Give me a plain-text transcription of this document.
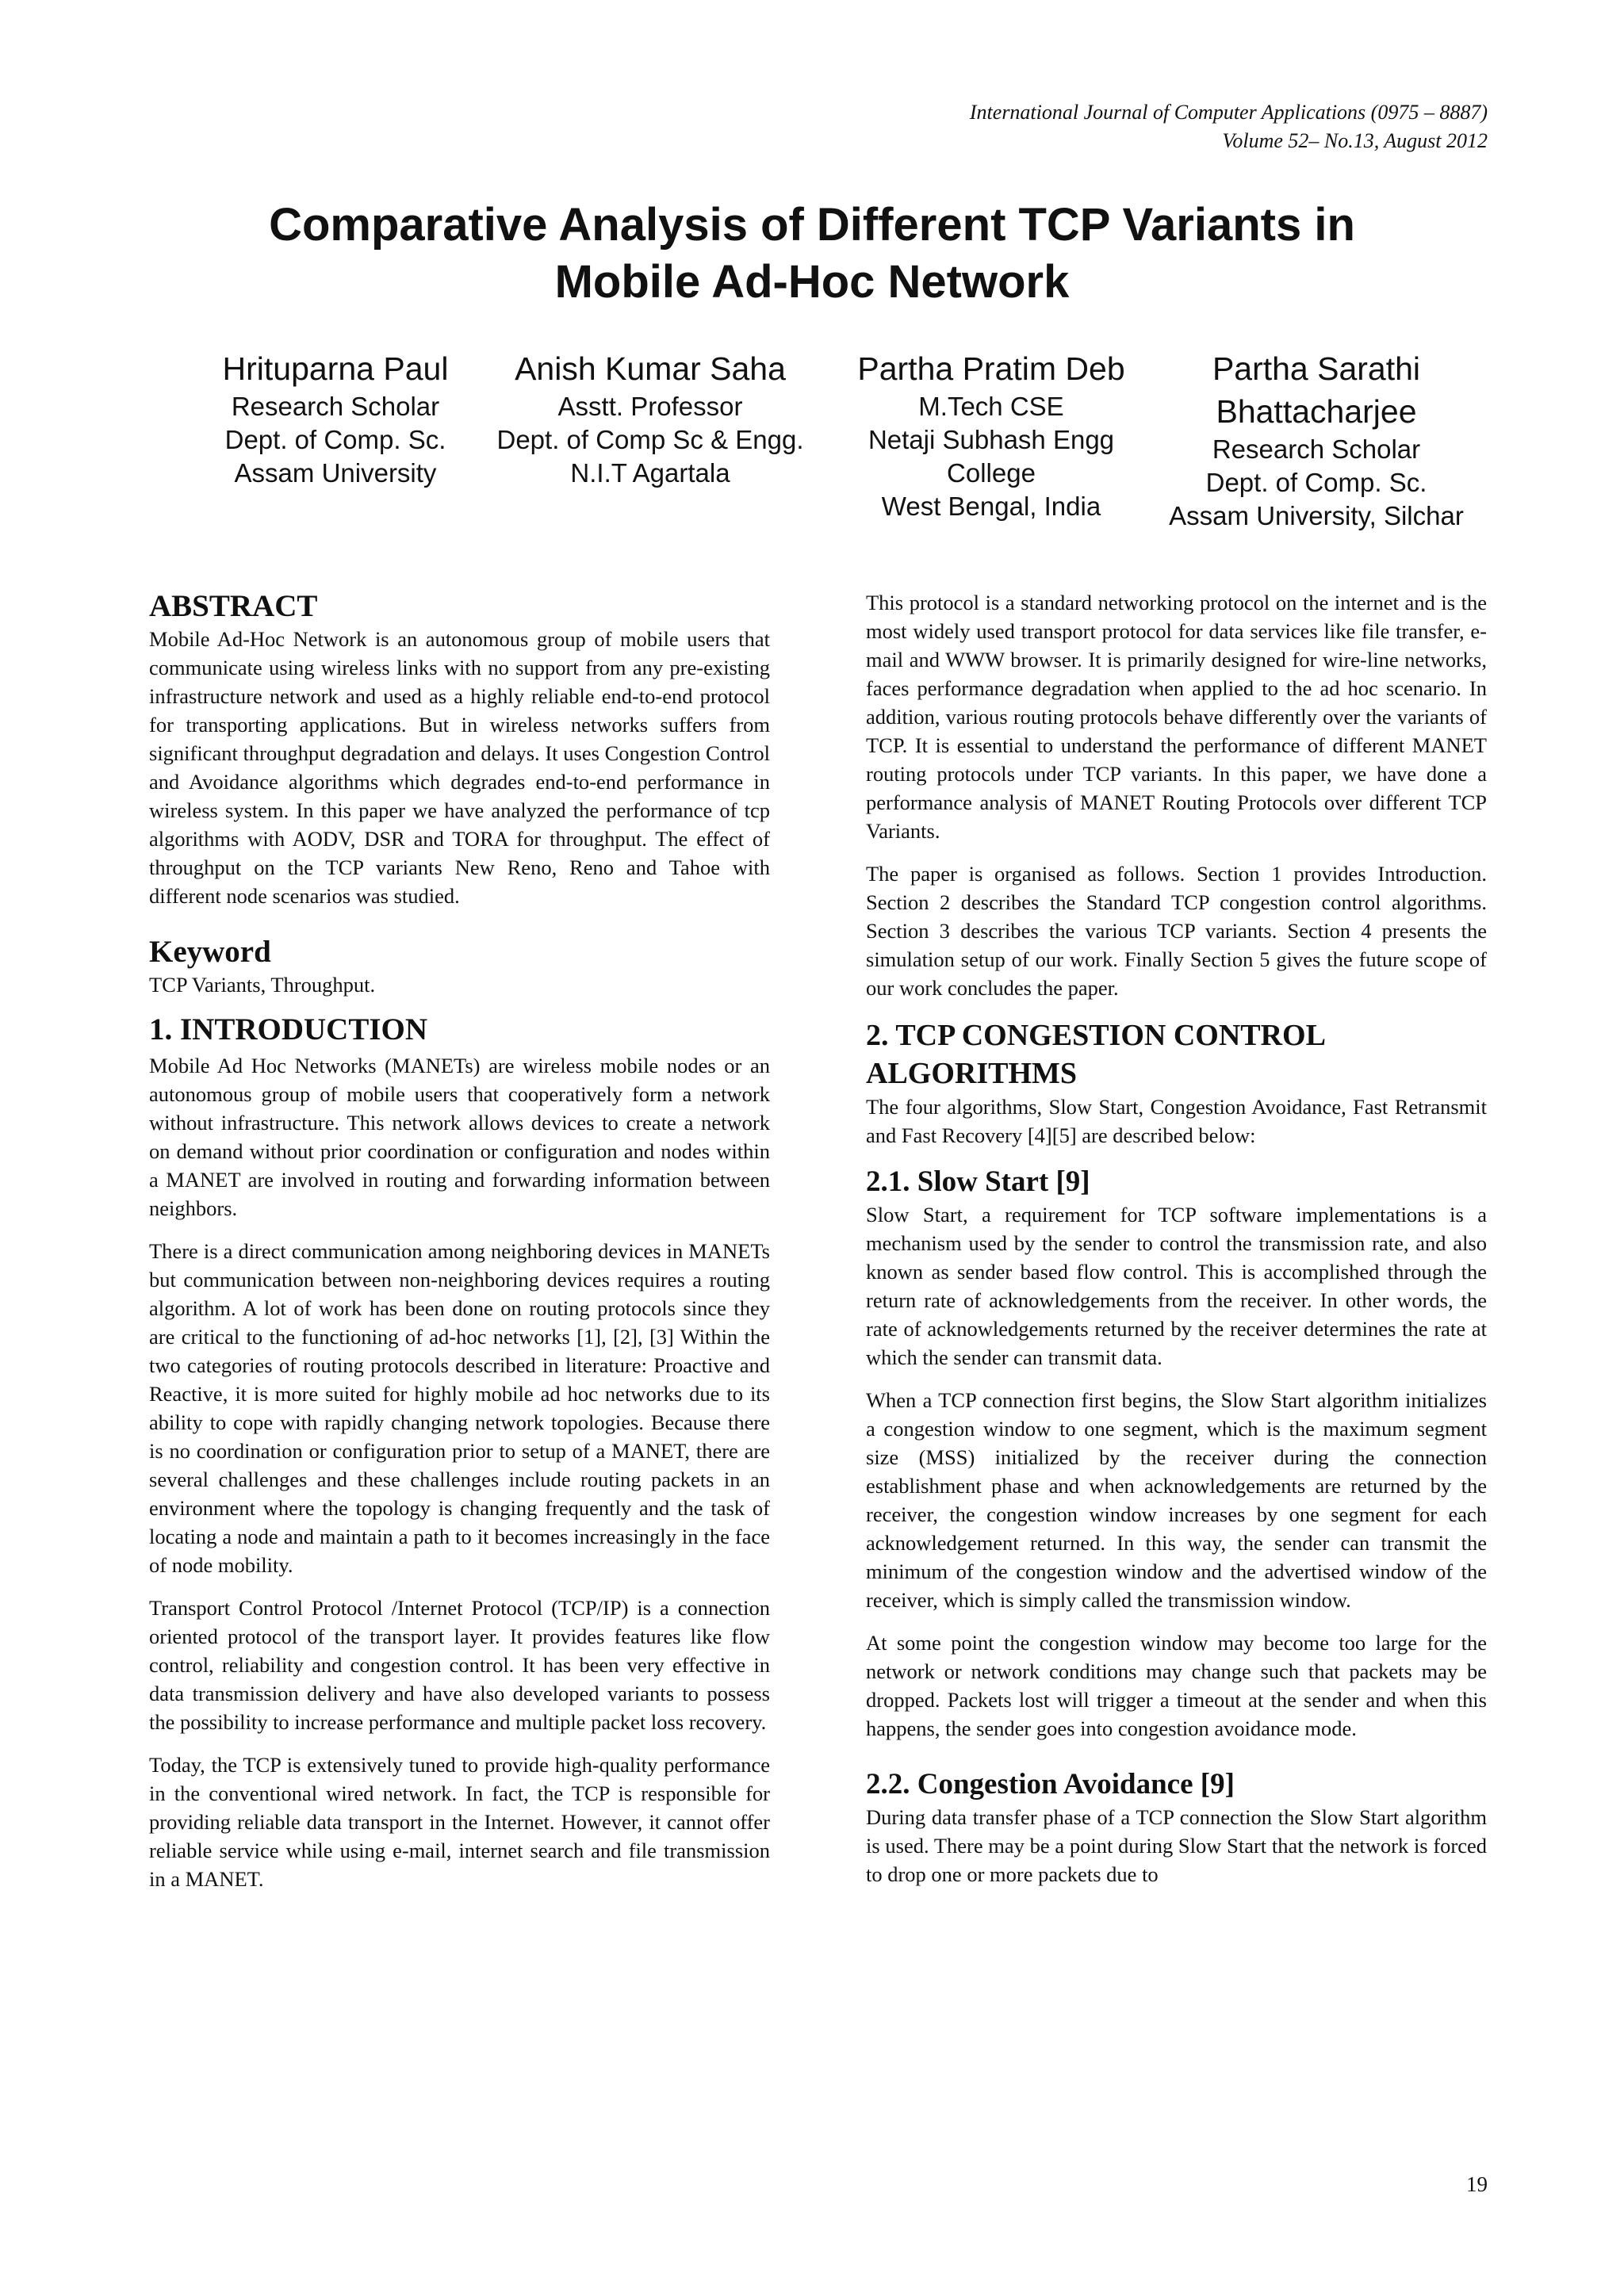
International Journal of Computer Applications (0975 – 8887)
Volume 52– No.13, August 2012
Comparative Analysis of Different TCP Variants in
Mobile Ad-Hoc Network
Hrituparna Paul
Research Scholar
Dept. of Comp. Sc.
Assam University
Anish Kumar Saha
Asstt. Professor
Dept. of Comp Sc & Engg.
N.I.T Agartala
Partha Pratim Deb
M.Tech CSE
Netaji Subhash Engg
College
West Bengal, India
Partha Sarathi
Bhattacharjee
Research Scholar
Dept. of Comp. Sc.
Assam University, Silchar
ABSTRACT

Mobile Ad-Hoc Network is an autonomous group of mobile users that communicate using wireless links with no support from any pre-existing infrastructure network and used as a highly reliable end-to-end protocol for transporting applications. But in wireless networks suffers from significant throughput degradation and delays. It uses Congestion Control and Avoidance algorithms which degrades end-to-end performance in wireless system. In this paper we have analyzed the performance of tcp algorithms with AODV, DSR and TORA for throughput. The effect of throughput on the TCP variants New Reno, Reno and Tahoe with different node scenarios was studied.

Keyword

TCP Variants, Throughput.

1. INTRODUCTION

Mobile Ad Hoc Networks (MANETs) are wireless mobile nodes or an autonomous group of mobile users that cooperatively form a network without infrastructure. This network allows devices to create a network on demand without prior coordination or configuration and nodes within a MANET are involved in routing and forwarding information between neighbors.

There is a direct communication among neighboring devices in MANETs but communication between non-neighboring devices requires a routing algorithm. A lot of work has been done on routing protocols since they are critical to the functioning of ad-hoc networks [1], [2], [3] Within the two categories of routing protocols described in literature: Proactive and Reactive, it is more suited for highly mobile ad hoc networks due to its ability to cope with rapidly changing network topologies. Because there is no coordination or configuration prior to setup of a MANET, there are several challenges and these challenges include routing packets in an environment where the topology is changing frequently and the task of locating a node and maintain a path to it becomes increasingly in the face of node mobility.

Transport Control Protocol /Internet Protocol (TCP/IP) is a connection oriented protocol of the transport layer. It provides features like flow control, reliability and congestion control. It has been very effective in data transmission delivery and have also developed variants to possess the possibility to increase performance and multiple packet loss recovery.

Today, the TCP is extensively tuned to provide high-quality performance in the conventional wired network. In fact, the TCP is responsible for providing reliable data transport in the Internet. However, it cannot offer reliable service while using e-mail, internet search and file transmission in a MANET.

This protocol is a standard networking protocol on the internet and is the most widely used transport protocol for data services like file transfer, e-mail and WWW browser. It is primarily designed for wire-line networks, faces performance degradation when applied to the ad hoc scenario. In addition, various routing protocols behave differently over the variants of TCP. It is essential to understand the performance of different MANET routing protocols under TCP variants. In this paper, we have done a performance analysis of MANET Routing Protocols over different TCP Variants.

The paper is organised as follows. Section 1 provides Introduction. Section 2 describes the Standard TCP congestion control algorithms. Section 3 describes the various TCP variants. Section 4 presents the simulation setup of our work. Finally Section 5 gives the future scope of our work concludes the paper.

2. TCP CONGESTION CONTROL
ALGORITHMS

The four algorithms, Slow Start, Congestion Avoidance, Fast Retransmit and Fast Recovery [4][5] are described below:

2.1. Slow Start [9]

Slow Start, a requirement for TCP software implementations is a mechanism used by the sender to control the transmission rate, and also known as sender based flow control. This is accomplished through the return rate of acknowledgements from the receiver. In other words, the rate of acknowledgements returned by the receiver determines the rate at which the sender can transmit data.

When a TCP connection first begins, the Slow Start algorithm initializes a congestion window to one segment, which is the maximum segment size (MSS) initialized by the receiver during the connection establishment phase and when acknowledgements are returned by the receiver, the congestion window increases by one segment for each acknowledgement returned. In this way, the sender can transmit the minimum of the congestion window and the advertised window of the receiver, which is simply called the transmission window.

At some point the congestion window may become too large for the network or network conditions may change such that packets may be dropped. Packets lost will trigger a timeout at the sender and when this happens, the sender goes into congestion avoidance mode.

2.2. Congestion Avoidance [9]

During data transfer phase of a TCP connection the Slow Start algorithm is used. There may be a point during Slow Start that the network is forced to drop one or more packets due to

19
